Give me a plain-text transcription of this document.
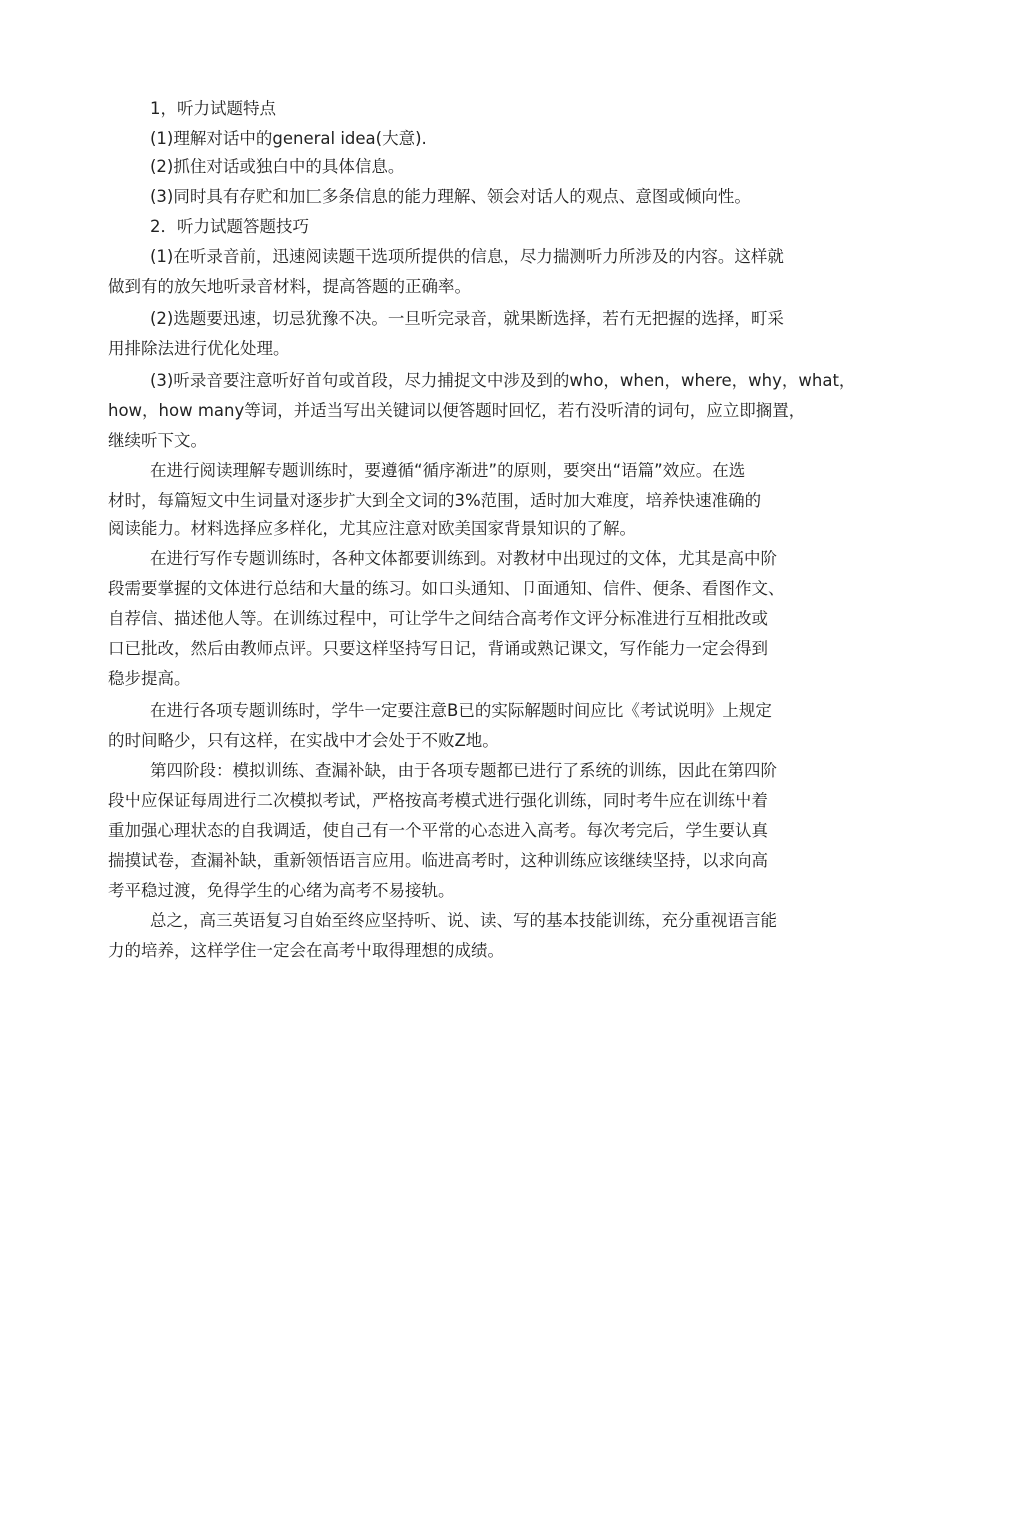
1，听力试题特点
(1)理解对话中的general idea(大意).
(2)抓住对话或独白中的具体信息。
(3)同时具有存贮和加匚多条信息的能力理解、领会对话人的观点、意图或倾向性。
2．听力试题答题技巧
(1)在听录音前，迅速阅读题干选项所提供的信息，尽力揣测听力所涉及的内容。这样就
做到有的放矢地听录音材料，提高答题的正确率。
(2)选题要迅速，切忌犹豫不决。一旦听完录音，就果断选择，若冇无把握的选择，町采
用排除法进行优化处理。
(3)听录音要注意听好首句或首段，尽力捕捉文中涉及到的who，when，where，why，what，
how，how many等词，并适当写出关键词以便答题时回忆，若冇没听清的词句，应立即搁置，
继续听下文。
在进行阅读理解专题训练时，要遵循“循序渐进”的原则，要突出“语篇”效应。在选
材时，每篇短文中生词量对逐步扩大到全文词的3%范围，适时加大难度，培养快速准确的
阅读能力。材料选择应多样化，尤其应注意对欧美国家背景知识的了解。
在进行写作专题训练时，各种文体都要训练到。对教材中出现过的文体，尤其是高中阶
段需要掌握的文体进行总结和大量的练习。如口头通知、卩面通知、信件、便条、看图作文、
自荐信、描述他人等。在训练过程中，可让学牛之间结合高考作文评分标准进行互相批改或
口已批改，然后由教师点评。只要这样坚持写日记，背诵或熟记课文，写作能力一定会得到
稳步提高。
在进行各项专题训练时，学牛一定要注意B已的实际解题时间应比《考试说明》上规定
的时间略少，只有这样，在实战中才会处于不败Z地。
第四阶段：模拟训练、查漏补缺，由于各项专题都已进行了系统的训练，因此在第四阶
段屮应保证每周进行二次模拟考试，严格按高考模式进行强化训练，同时考牛应在训练屮着
重加强心理状态的自我调适，使自己有一个平常的心态进入高考。每次考完后，学生要认真
揣摸试卷，查漏补缺，重新领悟语言应用。临进高考时，这种训练应该继续坚持，以求向高
考平稳过渡，免得学生的心绪为高考不易接轨。
总之，高三英语复习自始至终应坚持听、说、读、写的基本技能训练，充分重视语言能
力的培养，这样学住一定会在高考屮取得理想的成绩。
